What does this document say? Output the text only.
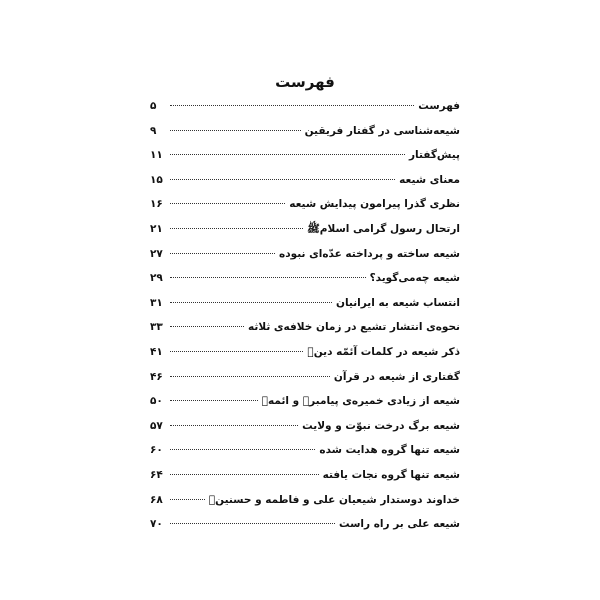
فهرست
فهرست
۵
شیعه‌شناسی در گفتار فریقین
۹
پیش‌گفتار
۱۱
معنای شیعه
۱۵
نظری گذرا پیرامون پیدایش شیعه
۱۶
ارتحال رسول گرامی اسلامﷺ
۲۱
شیعه ساخته و پرداخته عدّه‌ای نبوده
۲۷
شیعه چه‌می‌گوید؟
۲۹
انتساب شیعه به ایرانیان
۳۱
نحوه‌ی انتشار تشیع در زمان خلافه‌ی ثلاثه
۳۳
ذکر شیعه در کلمات آئمّه دینؑ
۴۱
گفتاری از شیعه در قرآن
۴۶
شیعه از زیادی خمیره‌ی پیامبرﷺ و ائمهؑ
۵۰
شیعه برگ درخت نبوّت و ولایت
۵۷
شیعه تنها گروه هدایت شده
۶۰
شیعه تنها گروه نجات یافته
۶۴
خداوند دوستدار شیعیان علی و فاطمه و حسنینؑ
۶۸
شیعه علی بر راه راست
۷۰
